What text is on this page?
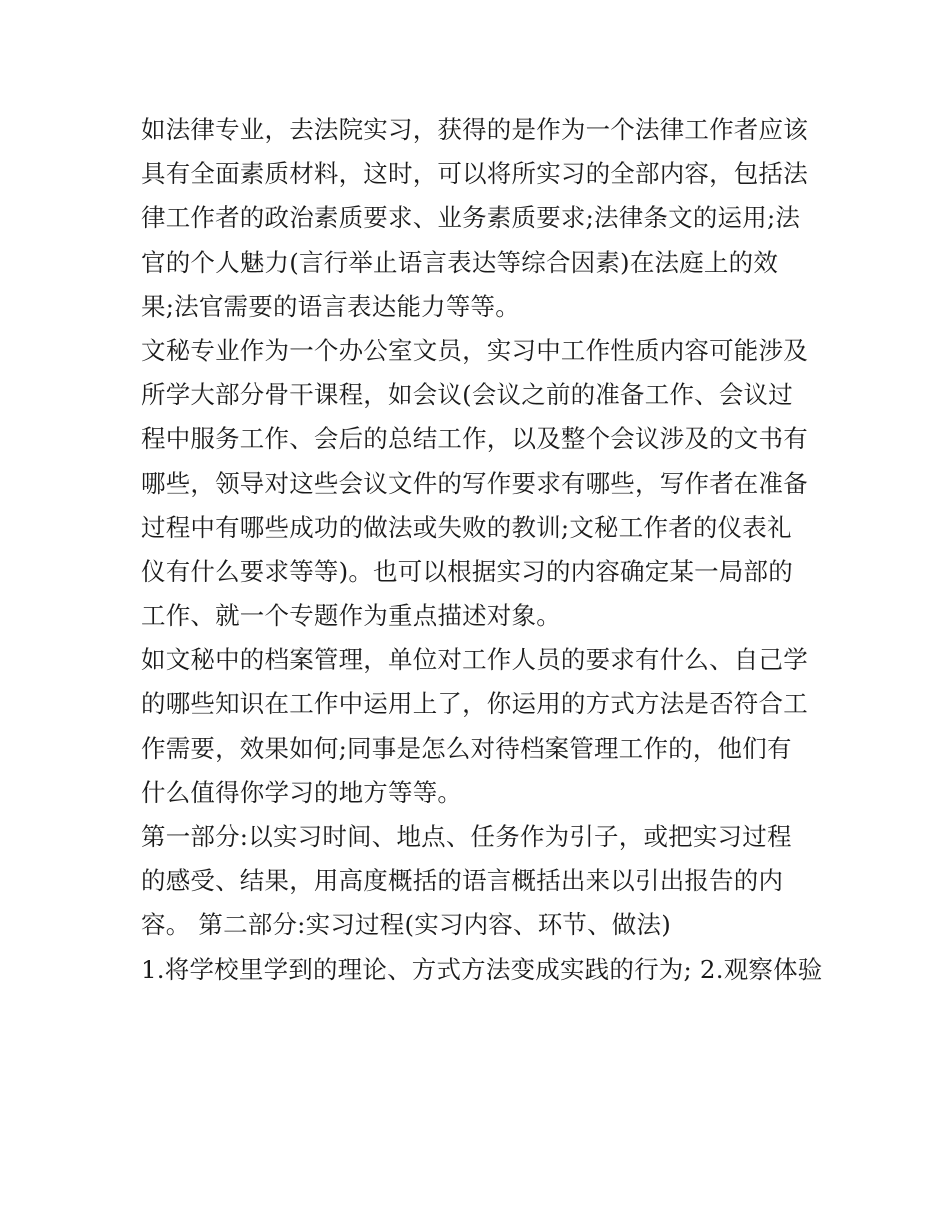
如法律专业，去法院实习，获得的是作为一个法律工作者应该
具有全面素质材料，这时，可以将所实习的全部内容，包括法
律工作者的政治素质要求、业务素质要求;法律条文的运用;法
官的个人魅力(言行举止语言表达等综合因素)在法庭上的效
果;法官需要的语言表达能力等等。
文秘专业作为一个办公室文员，实习中工作性质内容可能涉及
所学大部分骨干课程，如会议(会议之前的准备工作、会议过
程中服务工作、会后的总结工作，以及整个会议涉及的文书有
哪些，领导对这些会议文件的写作要求有哪些，写作者在准备
过程中有哪些成功的做法或失败的教训;文秘工作者的仪表礼
仪有什么要求等等)。也可以根据实习的内容确定某一局部的
工作、就一个专题作为重点描述对象。
如文秘中的档案管理，单位对工作人员的要求有什么、自己学
的哪些知识在工作中运用上了，你运用的方式方法是否符合工
作需要，效果如何;同事是怎么对待档案管理工作的，他们有
什么值得你学习的地方等等。
第一部分:以实习时间、地点、任务作为引子，或把实习过程
的感受、结果，用高度概括的语言概括出来以引出报告的内
容。 第二部分:实习过程(实习内容、环节、做法)
1.将学校里学到的理论、方式方法变成实践的行为; 2.观察体验
